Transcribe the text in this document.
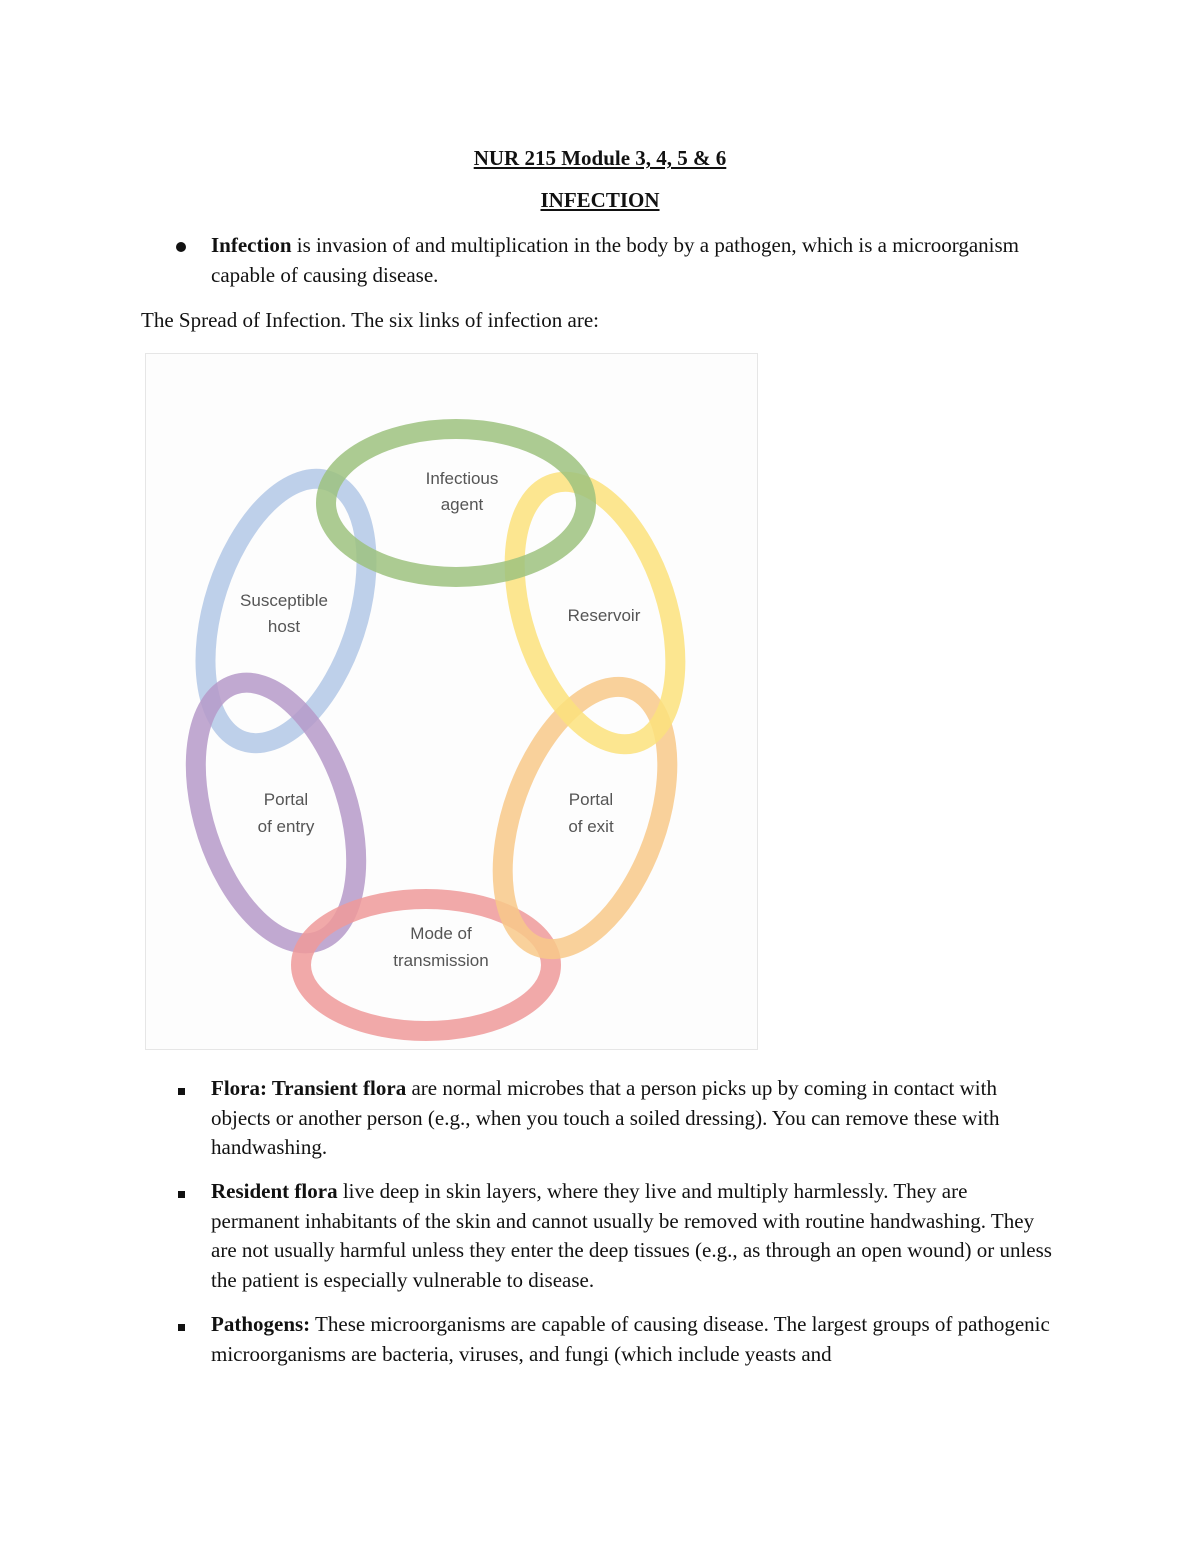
NUR 215 Module 3, 4, 5 & 6
INFECTION
Infection is invasion of and multiplication in the body by a pathogen, which is a microorganism capable of causing disease.
The Spread of Infection. The six links of infection are:
Infectious
agent
Reservoir
Portal
of exit
Mode of
transmission
Portal
of entry
Susceptible
host
Flora: Transient flora are normal microbes that a person picks up by coming in contact with objects or another person (e.g., when you touch a soiled dressing). You can remove these with handwashing.
Resident flora live deep in skin layers, where they live and multiply harmlessly. They are permanent inhabitants of the skin and cannot usually be removed with routine handwashing. They are not usually harmful unless they enter the deep tissues (e.g., as through an open wound) or unless the patient is especially vulnerable to disease.
Pathogens: These microorganisms are capable of causing disease. The largest groups of pathogenic microorganisms are bacteria, viruses, and fungi (which include yeasts and
